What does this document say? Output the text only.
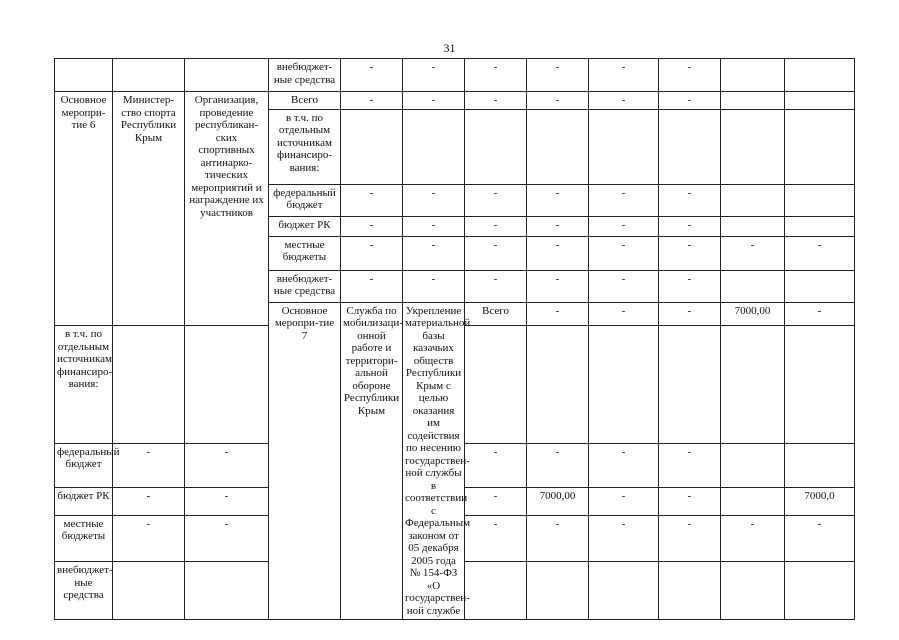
31
			внебюджет-ные средства	-	-	-	-	-	-			
Основное меропри-тие 6	Министер-ство спорта Республики Крым	Организация, проведение республикан-ских спортивных антинарко-тических мероприятий и награждение их участников	Всего	-	-	-	-	-	-			
			в т.ч. по отдельным источникам финансиро-вания:									
			федеральный бюджет	-	-	-	-	-	-			
			бюджет РК	-	-	-	-	-	-			
			местные бюджеты	-	-	-	-	-	-	-	-	
			внебюджет-ные средства	-	-	-	-	-	-			
			Основное меропри-тие 7	Служба по мобилизаци-онной работе и территори-альной обороне Республики Крым	Укрепление материальной базы казачьих обществ Республики Крым с целью оказания им содействия по несению государствен-ной службы в соответствии с Федеральным законом от 05 декабря 2005 года № 154-ФЗ «О государствен-ной службе	Всего	-	-	-	7000,00	-			
в т.ч. по отдельным источникам финансиро-вания:												
федеральный бюджет	-	-				-	-	-	-			
бюджет РК	-	-				-	7000,00	-	-		7000,0	
местные бюджеты	-	-				-	-	-	-	-	-	
внебюджет-ные средства												
